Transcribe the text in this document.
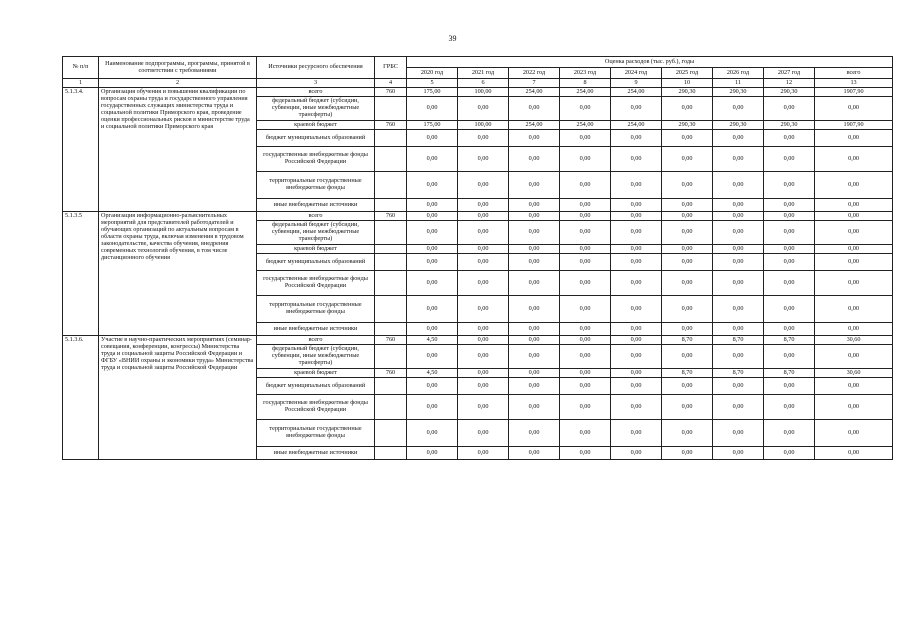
39
№ п/п	Наименование подпрограммы, программы, принятой в соответствии с требованиями	Источники ресурсного обеспечения	ГРБС	Оценка расходов (тыс. руб.), годы								
				2020 год	2021 год	2022 год	2023 год	2024 год	2025 год	2026 год	2027 год	всего
1	2	3	4	5	6	7	8	9	10	11	12	13
5.1.3.4.	Организация обучения и повышения квалификации по вопросам охраны труда и государственного управления государственных служащих министерства труда и социальной политики Приморского края, проведение оценки профессиональных рисков в министерстве труда и социальной политики Приморского края	всего	760	175,00	100,00	254,00	254,00	254,00	290,30	290,30	290,30	1907,90
		федеральный бюджет (субсидии, субвенции, иные межбюджетные трансферты)		0,00	0,00	0,00	0,00	0,00	0,00	0,00	0,00	0,00
		краевой бюджет	760	175,00	100,00	254,00	254,00	254,00	290,30	290,30	290,30	1907,90
		бюджет муниципальных образований		0,00	0,00	0,00	0,00	0,00	0,00	0,00	0,00	0,00
		государственные внебюджетные фонды Российской Федерации		0,00	0,00	0,00	0,00	0,00	0,00	0,00	0,00	0,00
		территориальные государственные внебюджетные фонды		0,00	0,00	0,00	0,00	0,00	0,00	0,00	0,00	0,00
		иные внебюджетные источники		0,00	0,00	0,00	0,00	0,00	0,00	0,00	0,00	0,00
5.1.3.5	Организация информационно-разъяснительных мероприятий для представителей работодателей и обучающих организаций по актуальным вопросам в области охраны труда, включая изменения в трудовом законодательстве, качества обучения, внедрения современных технологий обучения, в том числе дистанционного обучения	всего	760	0,00	0,00	0,00	0,00	0,00	0,00	0,00	0,00	0,00
		федеральный бюджет (субсидии, субвенции, иные межбюджетные трансферты)		0,00	0,00	0,00	0,00	0,00	0,00	0,00	0,00	0,00
		краевой бюджет		0,00	0,00	0,00	0,00	0,00	0,00	0,00	0,00	0,00
		бюджет муниципальных образований		0,00	0,00	0,00	0,00	0,00	0,00	0,00	0,00	0,00
		государственные внебюджетные фонды Российской Федерации		0,00	0,00	0,00	0,00	0,00	0,00	0,00	0,00	0,00
		территориальные государственные внебюджетные фонды		0,00	0,00	0,00	0,00	0,00	0,00	0,00	0,00	0,00
		иные внебюджетные источники		0,00	0,00	0,00	0,00	0,00	0,00	0,00	0,00	0,00
5.1.3.6.	Участие в научно-практических мероприятиях (семинар-совещания, конференции, конгрессы) Министерства труда и социальной защиты Российской Федерации и ФГБУ «ВНИИ охраны и экономики труда» Министерства труда и социальной защиты Российской Федерации	всего	760	4,50	0,00	0,00	0,00	0,00	8,70	8,70	8,70	30,60
		федеральный бюджет (субсидии, субвенции, иные межбюджетные трансферты)		0,00	0,00	0,00	0,00	0,00	0,00	0,00	0,00	0,00
		краевой бюджет	760	4,50	0,00	0,00	0,00	0,00	8,70	8,70	8,70	30,60
		бюджет муниципальных образований		0,00	0,00	0,00	0,00	0,00	0,00	0,00	0,00	0,00
		государственные внебюджетные фонды Российской Федерации		0,00	0,00	0,00	0,00	0,00	0,00	0,00	0,00	0,00
		территориальные государственные внебюджетные фонды		0,00	0,00	0,00	0,00	0,00	0,00	0,00	0,00	0,00
		иные внебюджетные источники		0,00	0,00	0,00	0,00	0,00	0,00	0,00	0,00	0,00
